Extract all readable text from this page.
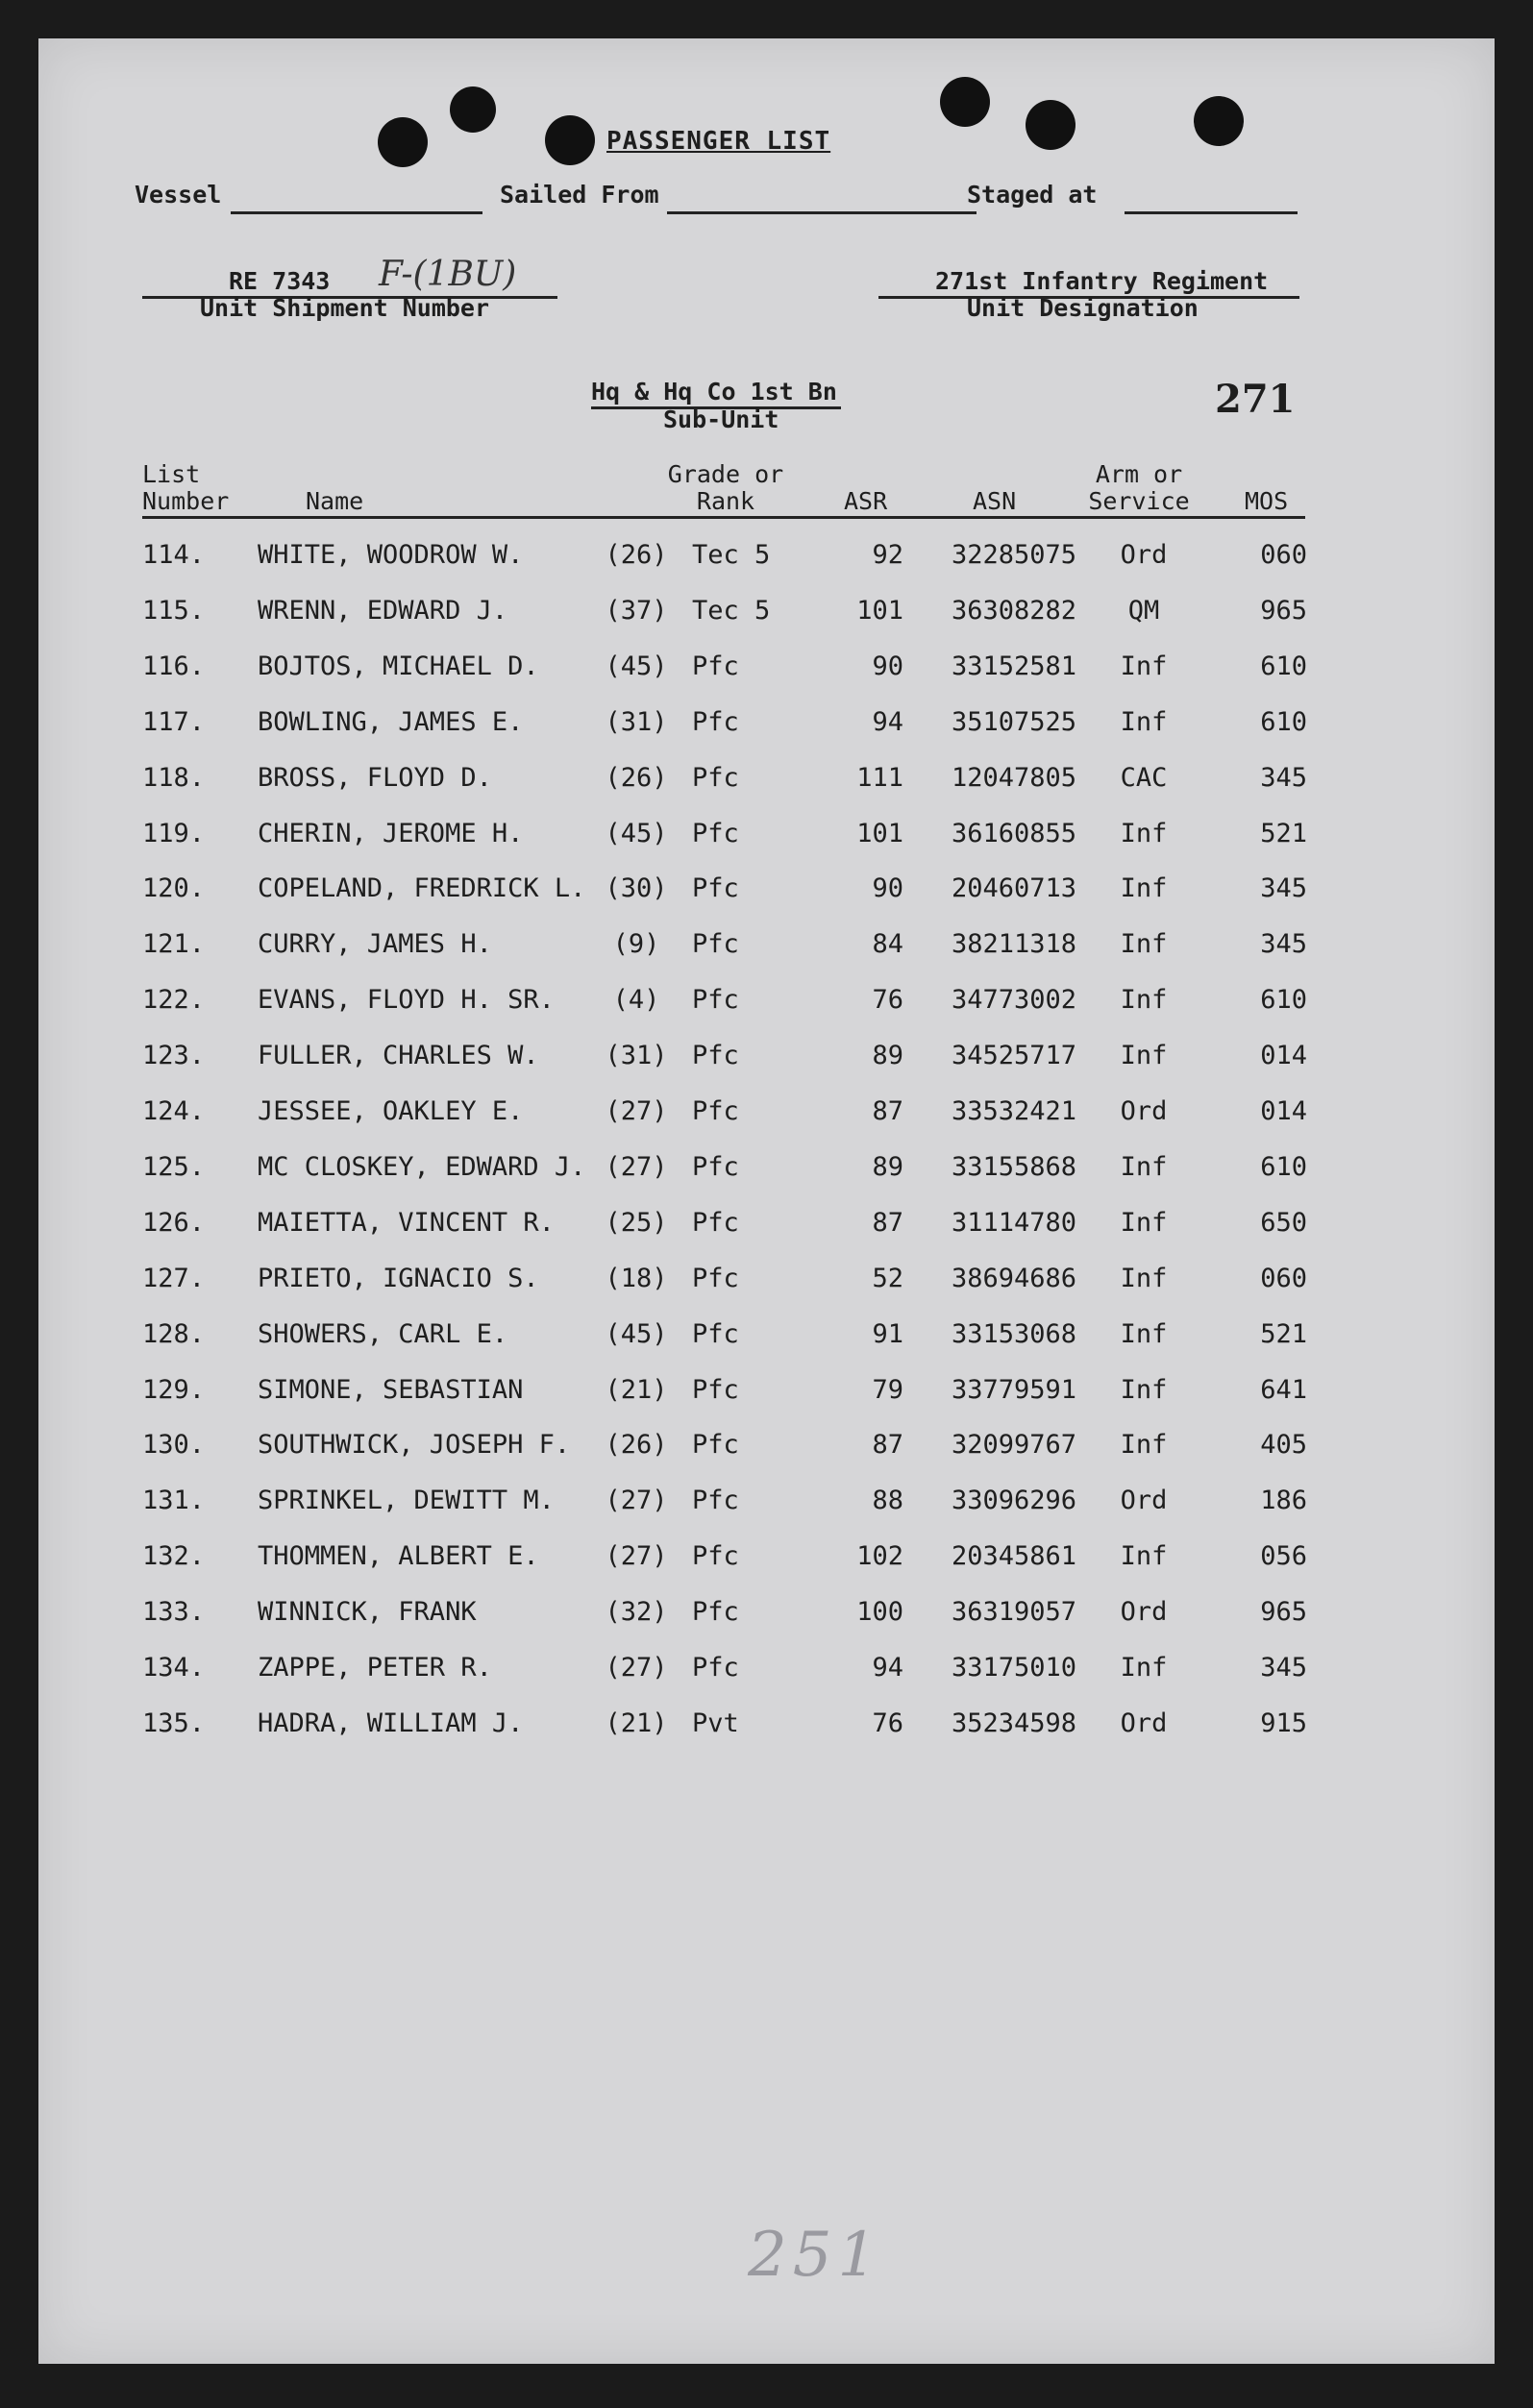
PASSENGER LIST
Vessel	Sailed From	Staged at
RE 7343 F-(1BU)
Unit Shipment Number
271st Infantry Regiment
Unit Designation
Hq & Hq Co 1st Bn
Sub-Unit	271
List
Number	Name
Grade or
Rank	ASR	ASN
Arm or
Service	MOS
114.	WHITE, WOODROW W.	(26) Tec 5	92	32285075	Ord	060
115.	WRENN, EDWARD J.	(37) Tec 5	101	36308282	QM	965
116.	BOJTOS, MICHAEL D.	(45) Pfc	90	33152581	Inf	610
117.	BOWLING, JAMES E.	(31) Pfc	94	35107525	Inf	610
118.	BROSS, FLOYD D.	(26) Pfc	111	12047805	CAC	345
119.	CHERIN, JEROME H.	(45) Pfc	101	36160855	Inf	521
120.	COPELAND, FREDRICK L. (30) Pfc	90	20460713	Inf	345
121.	CURRY, JAMES H.	(9)	Pfc	84	38211318	Inf	345
122.	EVANS, FLOYD H. SR.	(4)	Pfc	76	34773002	Inf	610
123.	FULLER, CHARLES W.	(31) Pfc	89	34525717	Inf	014
124.	JESSEE, OAKLEY E.	(27) Pfc	87	33532421	Ord	014
125.	MC CLOSKEY, EDWARD J. (27) Pfc	89	33155868	Inf	610
126.	MAIETTA, VINCENT R.	(25) Pfc	87	31114780	Inf	650
127.	PRIETO, IGNACIO S.	(18) Pfc	52	38694686	Inf	060
128.	SHOWERS, CARL E.	(45) Pfc	91	33153068	Inf	521
129.	SIMONE, SEBASTIAN	(21) Pfc	79	33779591	Inf	641
130.	SOUTHWICK, JOSEPH F.	(26) Pfc	87	32099767	Inf	405
131.	SPRINKEL, DEWITT M.	(27) Pfc	88	33096296	Ord	186
132.	THOMMEN, ALBERT E.	(27) Pfc	102	20345861	Inf	056
133.	WINNICK, FRANK	(32) Pfc	100	36319057	Ord	965
134.	ZAPPE, PETER R.	(27) Pfc	94	33175010	Inf	345
135.	HADRA, WILLIAM J.	(21) Pvt	76	35234598	Ord	915
251
